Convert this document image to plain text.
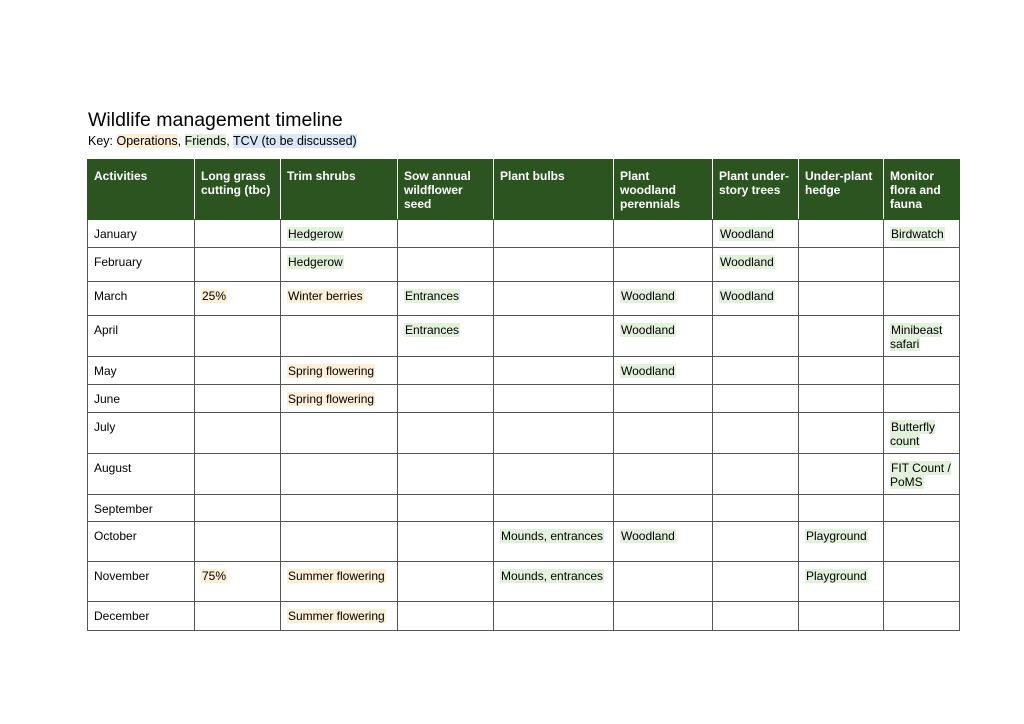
Wildlife management timeline
Key: Operations, Friends, TCV (to be discussed)
Activities	Long grass cutting (tbc)	Trim shrubs	Sow annual wildflower seed	Plant bulbs	Plant woodland perennials	Plant under-story trees	Under-plant hedge	Monitor flora and fauna
January		Hedgerow				Woodland		Birdwatch
February		Hedgerow				Woodland		
March	25%	Winter berries	Entrances		Woodland	Woodland		
April			Entrances		Woodland			Minibeast safari
May		Spring flowering			Woodland			
June		Spring flowering						
July								Butterfly count
August								FIT Count / PoMS
September								
October				Mounds, entrances	Woodland		Playground	
November	75%	Summer flowering		Mounds, entrances			Playground	
December		Summer flowering						
